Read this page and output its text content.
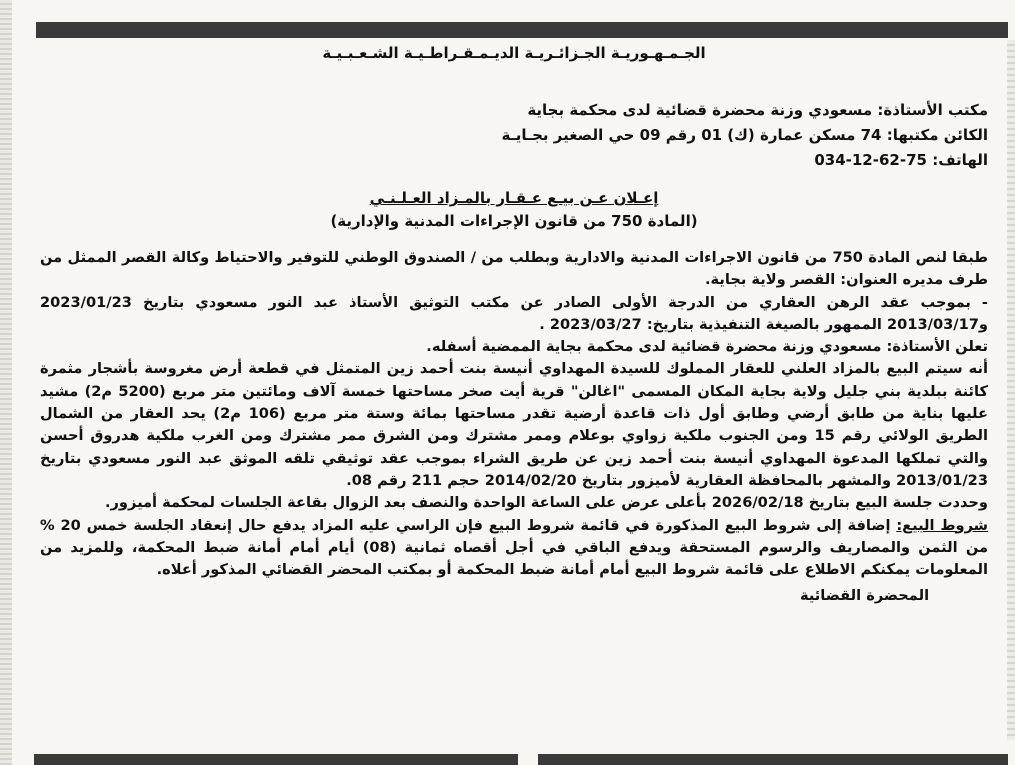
الجـمـهـوريـة الجـزائـريـة الديـمـقـراطـيـة الشـعـبـيـة
مكتب الأستاذة: مسعودي وزنة محضرة قضائية لدى محكمة بجاية
الكائن مكتبها: 74 مسكن عمارة (ك) 01 رقم 09 حي الصغير بجـايـة
الهاتف: 75-62-12-034
إعـلان عـن بيـع عـقـار بالمـزاد العـلـنـي
(المادة 750 من قانون الإجراءات المدنية والإدارية)

طبقا لنص المادة 750 من قانون الاجراءات المدنية والادارية وبطلب من / الصندوق الوطني للتوفير والاحتياط وكالة القصر الممثل من طرف مديره العنوان: القصر ولاية بجاية.

- بموجب عقد الرهن العقاري من الدرجة الأولى الصادر عن مكتب التوثيق الأستاذ عبد النور مسعودي بتاريخ 2023/01/23 و2013/03/17 الممهور بالصيغة التنفيذية بتاريخ: 2023/03/27 .

تعلن الأستاذة: مسعودي وزنة محضرة قضائية لدى محكمة بجاية الممضية أسفله.

أنه سيتم البيع بالمزاد العلني للعقار المملوك للسيدة المهداوي أنيسة بنت أحمد زين المتمثل في قطعة أرض مغروسة بأشجار مثمرة كائنة ببلدية بني جليل ولاية بجاية المكان المسمى "اغالن" قرية أيت صخر مساحتها خمسة آلاف ومائتين متر مربع (5200 م2) مشيد عليها بناية من طابق أرضي وطابق أول ذات قاعدة أرضية تقدر مساحتها بمائة وستة متر مربع (106 م2) يحد العقار من الشمال الطريق الولائي رقم 15 ومن الجنوب ملكية زواوي بوعلام وممر مشترك ومن الشرق ممر مشترك ومن الغرب ملكية هدروق أحسن والتي تملكها المدعوة المهداوي أنيسة بنت أحمد زين عن طريق الشراء بموجب عقد توثيقي تلقه الموثق عبد النور مسعودي بتاريخ 2013/01/23 والمشهر بالمحافظة العقارية لأميزور بتاريخ 2014/02/20 حجم 211 رقم 08.

وحددت جلسة البيع بتاريخ 2026/02/18 بأعلى عرض على الساعة الواحدة والنصف بعد الزوال بقاعة الجلسات لمحكمة أميزور.

شروط البيع: إضافة إلى شروط البيع المذكورة في قائمة شروط البيع فإن الراسي عليه المزاد يدفع حال إنعقاد الجلسة خمس 20 % من الثمن والمصاريف والرسوم المستحقة ويدفع الباقي في أجل أقصاه ثمانية (08) أيام أمام أمانة ضبط المحكمة، وللمزيد من المعلومات يمكنكم الاطلاع على قائمة شروط البيع أمام أمانة ضبط المحكمة أو بمكتب المحضر القضائي المذكور أعلاه.

المحضرة القضائية
